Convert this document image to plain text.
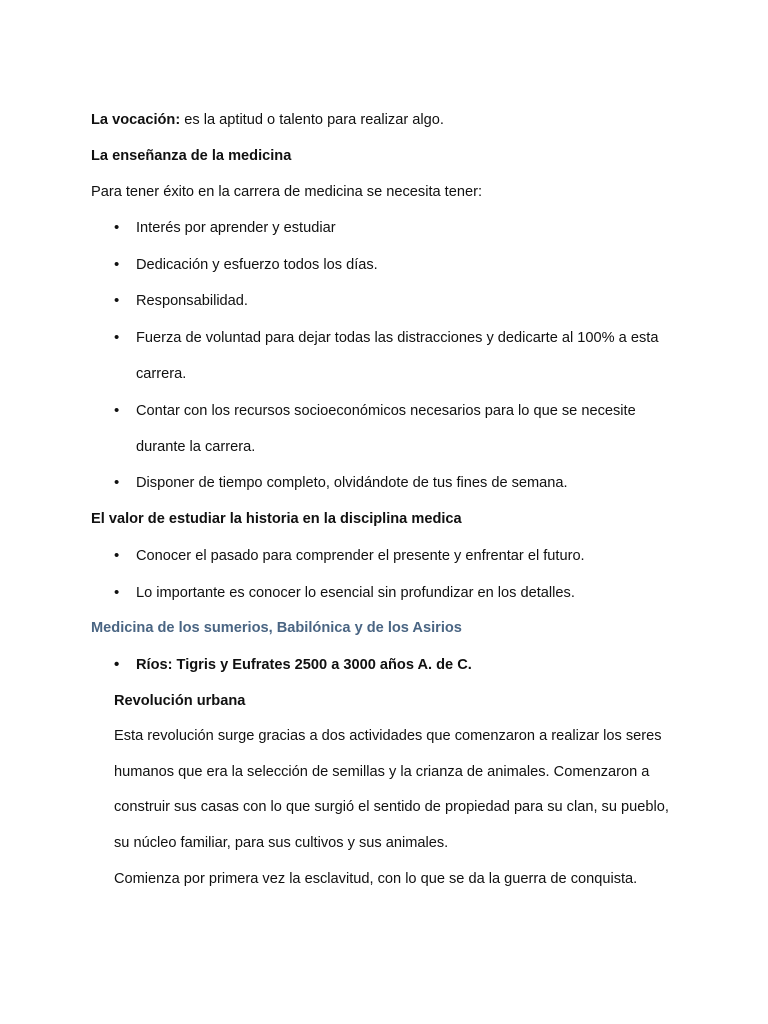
La vocación: es la aptitud o talento para realizar algo.
La enseñanza de la medicina
Para tener éxito en la carrera de medicina se necesita tener:
• Interés por aprender y estudiar
• Dedicación y esfuerzo todos los días.
• Responsabilidad.
• Fuerza de voluntad para dejar todas las distracciones y dedicarte al 100% a esta
carrera.
• Contar con los recursos socioeconómicos necesarios para lo que se necesite
durante la carrera.
• Disponer de tiempo completo, olvidándote de tus fines de semana.
El valor de estudiar la historia en la disciplina medica
• Conocer el pasado para comprender el presente y enfrentar el futuro.
• Lo importante es conocer lo esencial sin profundizar en los detalles.
Medicina de los sumerios, Babilónica y de los Asirios
• Ríos: Tigris y Eufrates 2500 a 3000 años A. de C.
Revolución urbana
Esta revolución surge gracias a dos actividades que comenzaron a realizar los seres
humanos que era la selección de semillas y la crianza de animales. Comenzaron a
construir sus casas con lo que surgió el sentido de propiedad para su clan, su pueblo,
su núcleo familiar, para sus cultivos y sus animales.
Comienza por primera vez la esclavitud, con lo que se da la guerra de conquista.
